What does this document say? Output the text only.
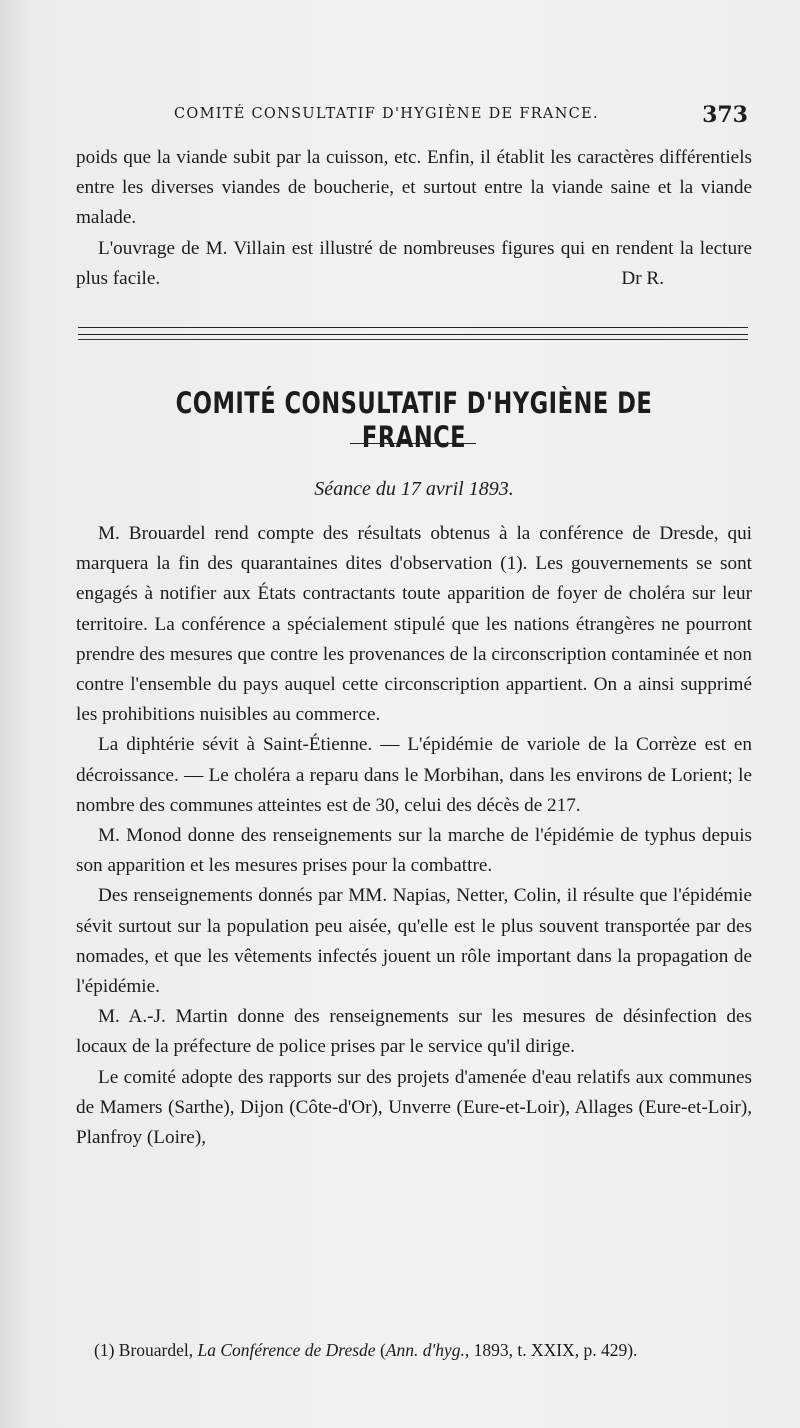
COMITÉ CONSULTATIF D'HYGIÈNE DE FRANCE.	373

poids que la viande subit par la cuisson, etc. Enfin, il établit les caractères différentiels entre les diverses viandes de boucherie, et surtout entre la viande saine et la viande malade.

L'ouvrage de M. Villain est illustré de nombreuses figures qui en rendent la lecture plus facile.	Dr R.

COMITÉ CONSULTATIF D'HYGIÈNE DE FRANCE
Séance du 17 avril 1893.

M. Brouardel rend compte des résultats obtenus à la conférence de Dresde, qui marquera la fin des quarantaines dites d'observation (1). Les gouvernements se sont engagés à notifier aux États contractants toute apparition de foyer de choléra sur leur territoire. La conférence a spécialement stipulé que les nations étrangères ne pourront prendre des mesures que contre les provenances de la circonscription contaminée et non contre l'ensemble du pays auquel cette circonscription appartient. On a ainsi supprimé les prohibitions nuisibles au commerce.

La diphtérie sévit à Saint-Étienne. — L'épidémie de variole de la Corrèze est en décroissance. — Le choléra a reparu dans le Morbihan, dans les environs de Lorient; le nombre des communes atteintes est de 30, celui des décès de 217.

M. Monod donne des renseignements sur la marche de l'épidémie de typhus depuis son apparition et les mesures prises pour la combattre.

Des renseignements donnés par MM. Napias, Netter, Colin, il résulte que l'épidémie sévit surtout sur la population peu aisée, qu'elle est le plus souvent transportée par des nomades, et que les vêtements infectés jouent un rôle important dans la propagation de l'épidémie.

M. A.-J. Martin donne des renseignements sur les mesures de désinfection des locaux de la préfecture de police prises par le service qu'il dirige.

Le comité adopte des rapports sur des projets d'amenée d'eau relatifs aux communes de Mamers (Sarthe), Dijon (Côte-d'Or), Unverre (Eure-et-Loir), Allages (Eure-et-Loir), Planfroy (Loire),

(1) Brouardel, La Conférence de Dresde (Ann. d'hyg., 1893, t. XXIX, p. 429).
